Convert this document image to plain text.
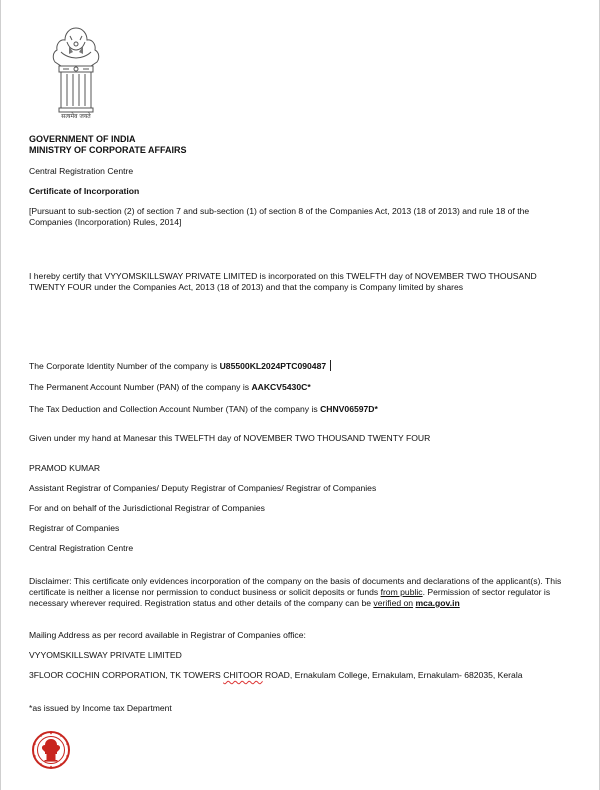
सत्यमेव जयते
GOVERNMENT OF INDIA
MINISTRY OF CORPORATE AFFAIRS
Central Registration Centre
Certificate of Incorporation
[Pursuant to sub-section (2) of section 7 and sub-section (1) of section 8 of the Companies Act, 2013 (18 of 2013) and rule 18 of the Companies (Incorporation) Rules, 2014]
I hereby certify that VYYOMSKILLSWAY PRIVATE LIMITED is incorporated on this TWELFTH day of NOVEMBER TWO THOUSAND TWENTY FOUR under the Companies Act, 2013 (18 of 2013) and that the company is Company limited by shares
The Corporate Identity Number of the company is U85500KL2024PTC090487
The Permanent Account Number (PAN) of the company is AAKCV5430C*
The Tax Deduction and Collection Account Number (TAN) of the company is CHNV06597D*
Given under my hand at Manesar this TWELFTH day of NOVEMBER TWO THOUSAND TWENTY FOUR
PRAMOD KUMAR
Assistant Registrar of Companies/ Deputy Registrar of Companies/ Registrar of Companies
For and on behalf of the Jurisdictional Registrar of Companies
Registrar of Companies
Central Registration Centre
Disclaimer: This certificate only evidences incorporation of the company on the basis of documents and declarations of the applicant(s). This certificate is neither a license nor permission to conduct business or solicit deposits or funds from public. Permission of sector regulator is necessary wherever required. Registration status and other details of the company can be verified on mca.gov.in
Mailing Address as per record available in Registrar of Companies office:
VYYOMSKILLSWAY PRIVATE LIMITED
3FLOOR COCHIN CORPORATION, TK TOWERS CHITOOR ROAD, Ernakulam College, Ernakulam, Ernakulam- 682035, Kerala
*as issued by Income tax Department
